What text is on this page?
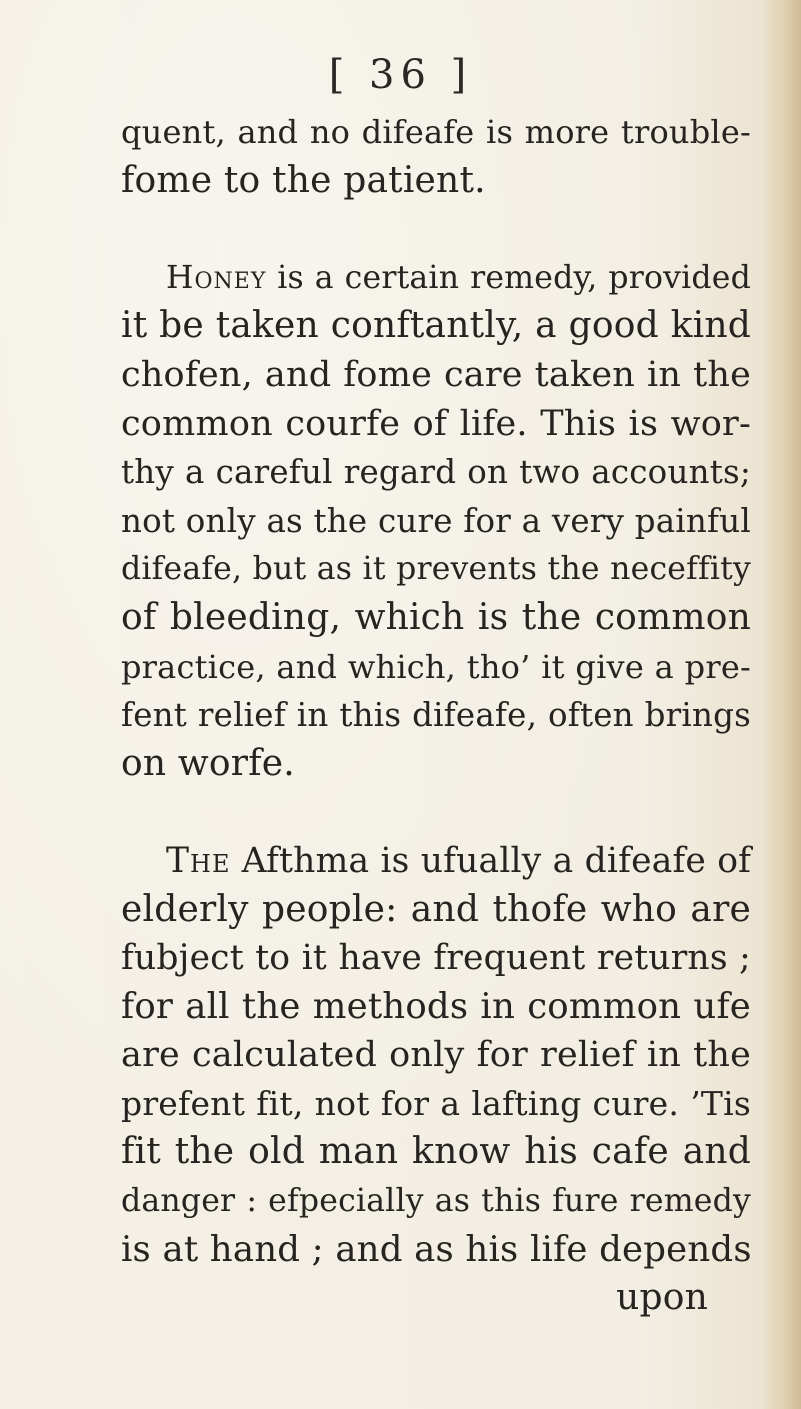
[ 36 ]
quent, and no difeafe is more trouble-
fome to the patient.
Honey is a certain remedy, provided
it be taken conftantly, a good kind
chofen, and fome care taken in the
common courfe of life. This is wor-
thy a careful regard on two accounts;
not only as the cure for a very painful
difeafe, but as it prevents the neceffity
of bleeding, which is the common
practice, and which, tho’ it give a pre-
fent relief in this difeafe, often brings
on worfe.
The Afthma is ufually a difeafe of
elderly people: and thofe who are
fubject to it have frequent returns ;
for all the methods in common ufe
are calculated only for relief in the
prefent fit, not for a lafting cure. ’Tis
fit the old man know his cafe and
danger : efpecially as this fure remedy
is at hand ; and as his life depends
upon
